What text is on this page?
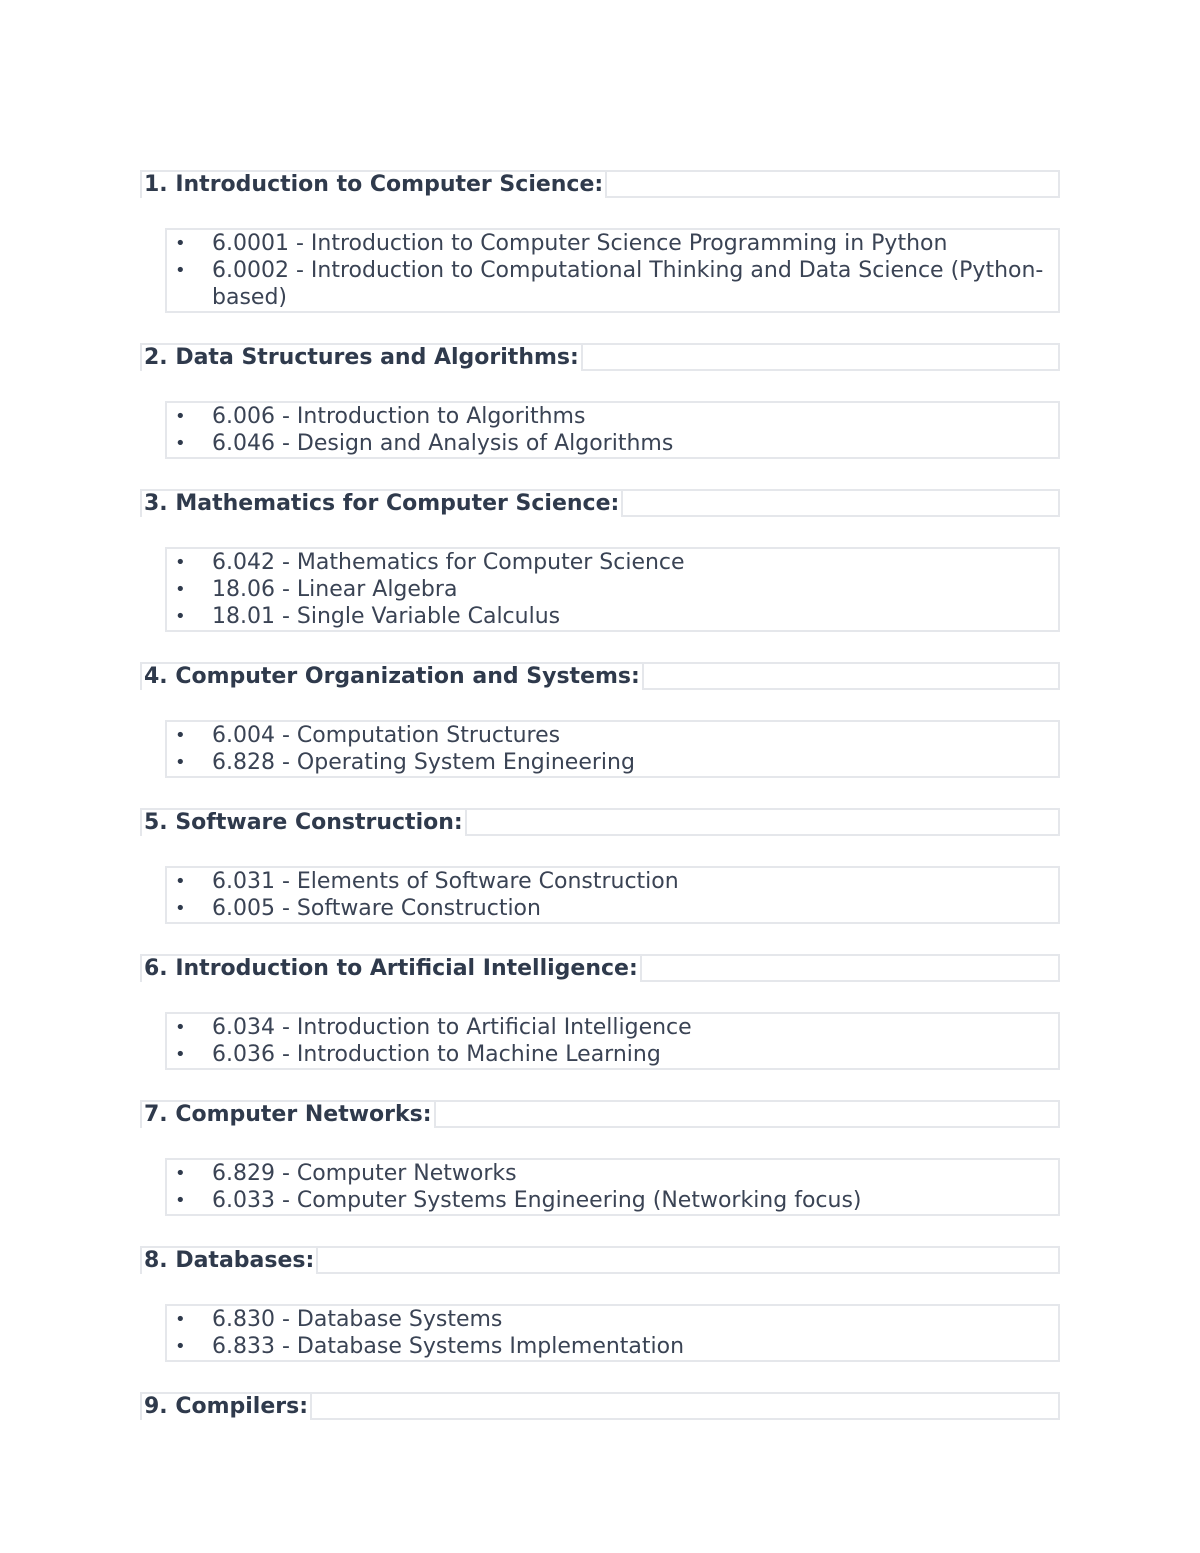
1. Introduction to Computer Science:
• 6.0001 - Introduction to Computer Science Programming in Python
• 6.0002 - Introduction to Computational Thinking and Data Science (Python-based)
2. Data Structures and Algorithms:
• 6.006 - Introduction to Algorithms
• 6.046 - Design and Analysis of Algorithms
3. Mathematics for Computer Science:
• 6.042 - Mathematics for Computer Science
• 18.06 - Linear Algebra
• 18.01 - Single Variable Calculus
4. Computer Organization and Systems:
• 6.004 - Computation Structures
• 6.828 - Operating System Engineering
5. Software Construction:
• 6.031 - Elements of Software Construction
• 6.005 - Software Construction
6. Introduction to Artificial Intelligence:
• 6.034 - Introduction to Artificial Intelligence
• 6.036 - Introduction to Machine Learning
7. Computer Networks:
• 6.829 - Computer Networks
• 6.033 - Computer Systems Engineering (Networking focus)
8. Databases:
• 6.830 - Database Systems
• 6.833 - Database Systems Implementation
9. Compilers:
